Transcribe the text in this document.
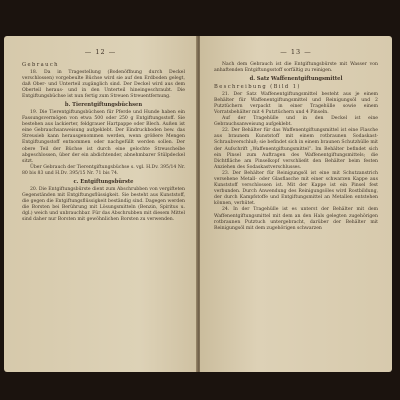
— 12 —
Gebrauch

18. Da in Tragestellung (Bodenöffnung durch Deckel verschlossen) vorgebeulte Büchse wird sie auf den Erdboden gelegt, daß Ober- und Unterteil zugänglich sind. Der Deckel wird aus dem Oberteil heraus- und in den Unterteil hineingeschraubt. Die Entgiftungsbüchse ist nun fertig zum Streuen Streuentfernung.

b. Tierentgiftungsbüchsen

19. Die Tierentgiftungsbüchsen für Pferde und Hunde haben ein Fassungsvermögen von etwa 500 oder 250 g Entgiftungsstoff. Sie bestehen aus lackierter, feldgrauer Hartpappe oder Blech. Außen ist eine Gebrauchsanweisung aufgeklebt. Der Eindruckboden bew. das Streusieb kann herausgenommen werden, wenn größere Mengen Entgiftungsstoff entnommen oder nachgefüllt werden sollen. Der obere Teil der Büchse ist durch eine gelochte Streuscheibe abgeschlossen, über der ein abdichtender, abnehmbarer Stülpdeckel sitzt.

Über Gebrauch der Tierentgiftungsbüchse s. vgl. H.Dv. 395/14 Nr. 80 bis 83 und H.Dv. 395/15 Nr. 71 bis 74.

c. Entgiftungsbürste

20. Die Entgiftungsbürste dient zum Abschrubben von vergifteten Gegenständen mit Entgiftungsflüssigkeit. Sie besteht aus Kunststoff, die gegen die Entgiftungsflüssigkeit beständig sind. Dagegen werden die Borsten bei Berührung mit Lösungsmitteln (Benzin, Spiritus u. dgl.) weich und unbrauchbar. Für das Abschrubben mit diesem Mittel sind daher nur Borsten mit gewöhnlichen Borsten zu verwenden.

— 13 —

Nach dem Gebrauch ist die Entgiftungsbürste mit Wasser von anhaftenden Entgiftungsstoff sorfältig zu reinigen.

d. Satz Waffenentgiftungsmittel
Beschreibung (Bild 1)

21. Der Satz Waffenentgiftungsmittel besteht aus je einem Behälter für Waffenentgiftungsmittel und Reinigungsöl und 2 Putztüchern verpackt in einer Tragehülle sowie einem Vorratsbehälter mit 4 Putztüchern und 4 Pinseln.

Auf der Tragehülle und in den Deckel ist eine Gebrauchsanweisung aufgeklebt.

22. Der Behälter für das Waffenentgiftungsmittel ist eine Flasche aus braunem Kunststoff mit einem rotbraunen Sodaskast-Schraubverschluß; sie befindet sich in einem braunen Schutzhülle mit der Aufschrift „Waffenentgiftungsmittel“. Im Behälter befindet sich ein Pinsel zum Auftragen des Waffenentgiftungsmittels; die Dichtfläche am Pinselkopf verschließt den Behälter beim festen Anziehen des Sodaskastverschlusses.

23. Der Behälter für Reinigungsöl ist eine mit Schutzanstrich versehene Metall- oder Glasflasche mit einer schwarzen Kappe aus Kunststoff verschlossen ist. Mit der Kappe ist ein Pinsel fest verbunden. Durch Anwendung des Reinigungsöles wird Rostbildung, der durch Kampfstoffe und Entgiftungsmittel an Metallen entstehen können, verhütet.

24. In der Tragehülle ist es unterst der Behälter mit dem Waffenentgiftungsmittel mit dem an den Hals gelegten zugehörigen rotbraunen Putztuch untergebracht, darüber der Behälter mit Reinigungsöl mit dem zugehörigen schwarzen
